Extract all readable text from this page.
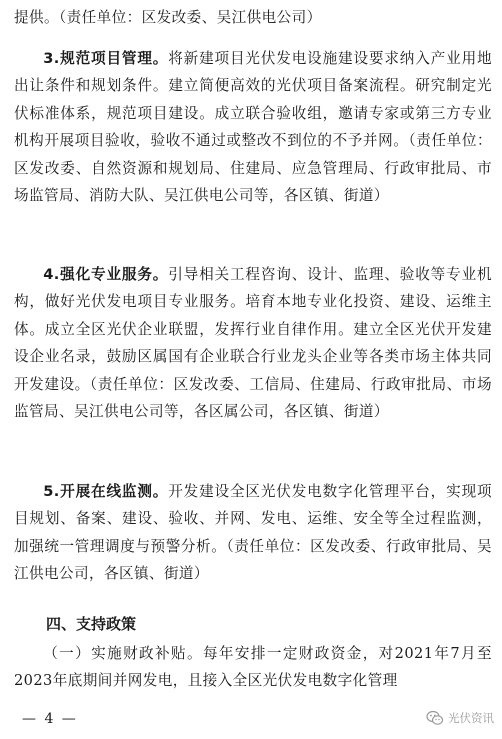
提供。（责任单位：区发改委、吴江供电公司）

3.规范项目管理。将新建项目光伏发电设施建设要求纳入产业用地出让条件和规划条件。建立简便高效的光伏项目备案流程。研究制定光伏标准体系，规范项目建设。成立联合验收组，邀请专家或第三方专业机构开展项目验收，验收不通过或整改不到位的不予并网。（责任单位：区发改委、自然资源和规划局、住建局、应急管理局、行政审批局、市场监管局、消防大队、吴江供电公司等，各区镇、街道）

4.强化专业服务。引导相关工程咨询、设计、监理、验收等专业机构，做好光伏发电项目专业服务。培育本地专业化投资、建设、运维主体。成立全区光伏企业联盟，发挥行业自律作用。建立全区光伏开发建设企业名录，鼓励区属国有企业联合行业龙头企业等各类市场主体共同开发建设。（责任单位：区发改委、工信局、住建局、行政审批局、市场监管局、吴江供电公司等，各区属公司，各区镇、街道）

5.开展在线监测。开发建设全区光伏发电数字化管理平台，实现项目规划、备案、建设、验收、并网、发电、运维、安全等全过程监测，加强统一管理调度与预警分析。（责任单位：区发改委、行政审批局、吴江供电公司，各区镇、街道）

四、支持政策

（一）实施财政补贴。每年安排一定财政资金，对2021年7月至2023年底期间并网发电，且接入全区光伏发电数字化管理

— 4 —	光伏资讯
